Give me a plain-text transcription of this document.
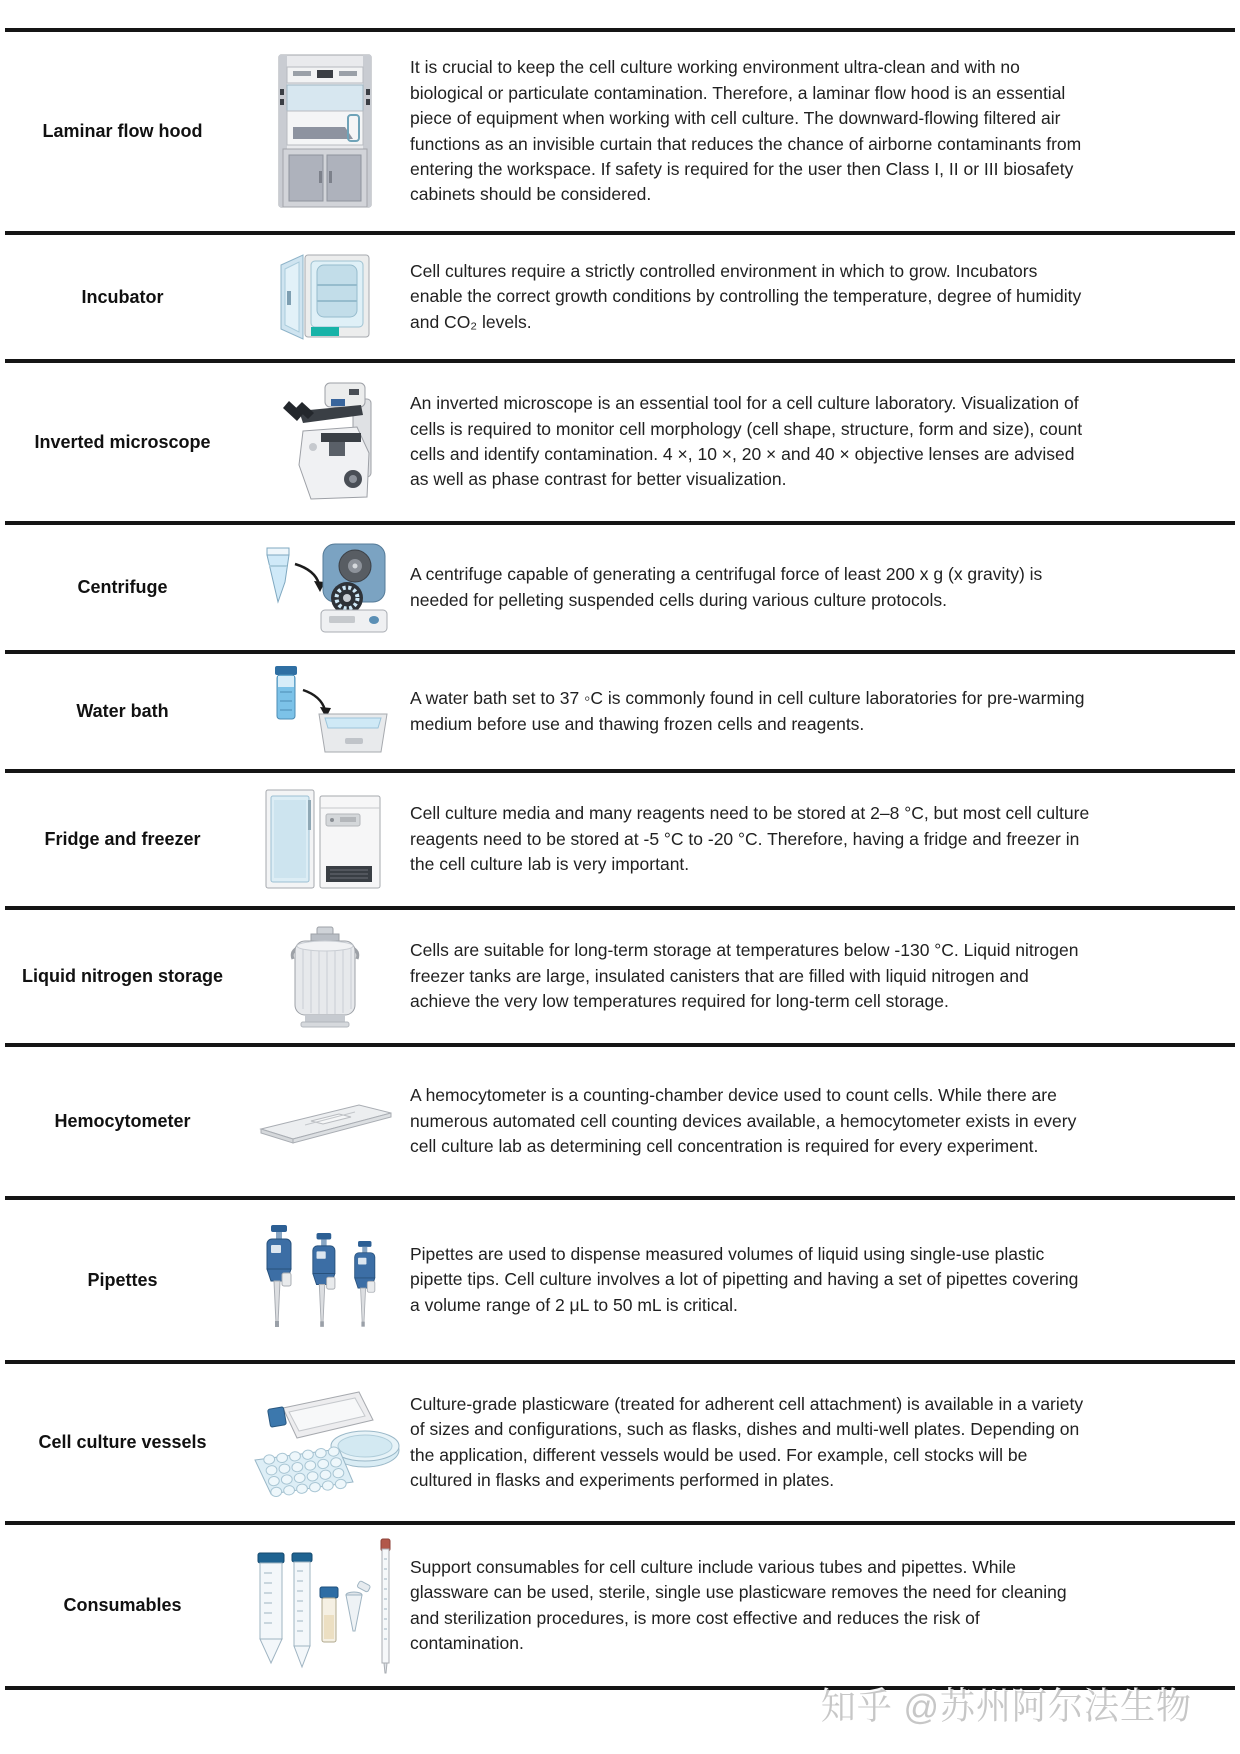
Laminar flow hood
It is crucial to keep the cell culture working environment ultra-clean and with no biological or particulate contamination. Therefore, a laminar flow hood is an essential piece of equipment when working with cell culture. The downward-flowing filtered air functions as an invisible curtain that reduces the chance of airborne contaminants from entering the workspace. If safety is required for the user then Class I, II or III biosafety cabinets should be considered.
Incubator
Cell cultures require a strictly controlled environment in which to grow. Incubators enable the correct growth conditions by controlling the temperature, degree of humidity and CO₂ levels.
Inverted microscope
An inverted microscope is an essential tool for a cell culture laboratory. Visualization of cells is required to monitor cell morphology (cell shape, structure, form and size), count cells and identify contamination. 4 ×, 10 ×, 20 × and 40 × objective lenses are advised as well as phase contrast for better visualization.
Centrifuge
A centrifuge capable of generating a centrifugal force of least 200 x g (x gravity) is needed for pelleting suspended cells during various culture protocols.
Water bath
A water bath set to 37 ◦C is commonly found in cell culture laboratories for pre-warming medium before use and thawing frozen cells and reagents.
Fridge and freezer
Cell culture media and many reagents need to be stored at 2–8 °C, but most cell culture reagents need to be stored at -5 °C to -20 °C. Therefore, having a fridge and freezer in the cell culture lab is very important.
Liquid nitrogen storage
Cells are suitable for long-term storage at temperatures below -130 °C. Liquid nitrogen freezer tanks are large, insulated canisters that are filled with liquid nitrogen and achieve the very low temperatures required for long-term cell storage.
Hemocytometer
A hemocytometer is a counting-chamber device used to count cells. While there are numerous automated cell counting devices available, a hemocytometer exists in every cell culture lab as determining cell concentration is required for every experiment.
Pipettes
Pipettes are used to dispense measured volumes of liquid using single-use plastic pipette tips. Cell culture involves a lot of pipetting and having a set of pipettes covering a volume range of 2 μL to 50 mL is critical.
Cell culture vessels
Culture-grade plasticware (treated for adherent cell attachment) is available in a variety of sizes and configurations, such as flasks, dishes and multi-well plates. Depending on the application, different vessels would be used. For example, cell stocks will be cultured in flasks and experiments performed in plates.
Consumables
Support consumables for cell culture include various tubes and pipettes. While glassware can be used, sterile, single use plasticware removes the need for cleaning and sterilization procedures, is more cost effective and reduces the risk of contamination.
知乎 @苏州阿尔法生物
